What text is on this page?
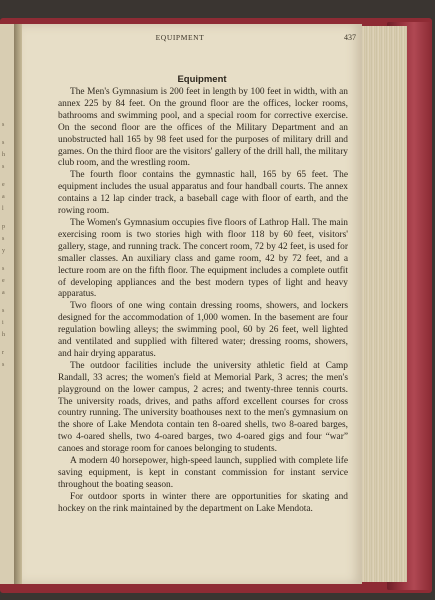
EQUIPMENT	437
Equipment

The Men's Gymnasium is 200 feet in length by 100 feet in width, with an annex 225 by 84 feet. On the ground floor are the offices, locker rooms, bathrooms and swimming pool, and a special room for corrective exercise. On the second floor are the offices of the Military Department and an unobstructed hall 165 by 98 feet used for the purposes of military drill and games. On the third floor are the visitors' gallery of the drill hall, the military club room, and the wrestling room.

The fourth floor contains the gymnastic hall, 165 by 65 feet. The equipment includes the usual apparatus and four handball courts. The annex contains a 12 lap cinder track, a baseball cage with floor of earth, and the rowing room.

The Women's Gymnasium occupies five floors of Lathrop Hall. The main exercising room is two stories high with floor 118 by 60 feet, visitors' gallery, stage, and running track. The concert room, 72 by 42 feet, is used for smaller classes. An auxiliary class and game room, 42 by 72 feet, and a lecture room are on the fifth floor. The equipment includes a complete outfit of developing appliances and the best modern types of light and heavy apparatus.

Two floors of one wing contain dressing rooms, showers, and lockers designed for the accommodation of 1,000 women. In the basement are four regulation bowling alleys; the swimming pool, 60 by 26 feet, well lighted and ventilated and supplied with filtered water; dressing rooms, showers, and hair drying apparatus.

The outdoor facilities include the university athletic field at Camp Randall, 33 acres; the women's field at Memorial Park, 3 acres; the men's playground on the lower campus, 2 acres; and twenty-three tennis courts. The university roads, drives, and paths afford excellent courses for cross country running. The university boathouses next to the men's gymnasium on the shore of Lake Mendota contain ten 8-oared shells, two 8-oared barges, two 4-oared shells, two 4-oared barges, two 4-oared gigs and four “war” canoes and storage room for canoes belonging to students.

A modern 40 horsepower, high-speed launch, supplied with complete life saving equipment, is kept in constant commission for instant service throughout the boating season.

For outdoor sports in winter there are opportunities for skating and hockey on the rink maintained by the department on Lake Mendota.

s
s
h
s
e
a
l
p
s
y
s
e
a
s
i
h
r
s
